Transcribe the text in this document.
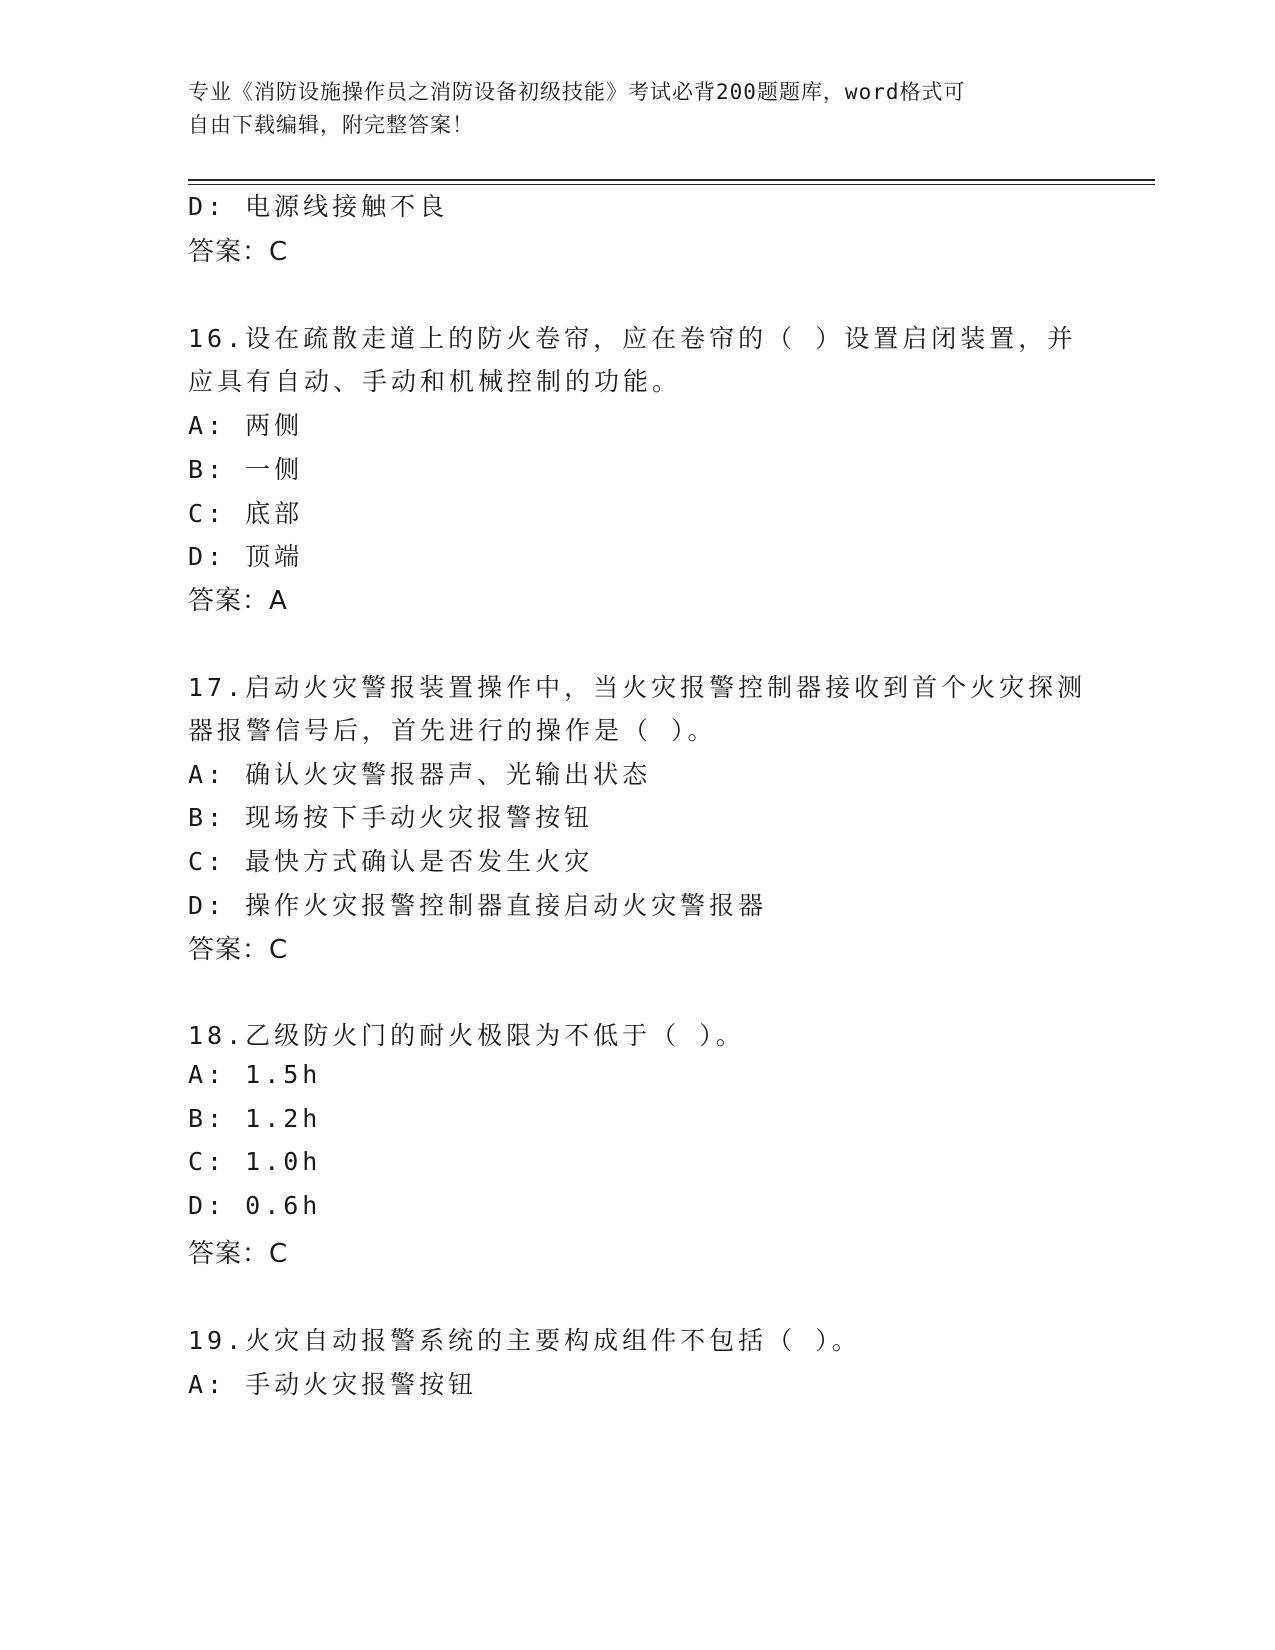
专业《消防设施操作员之消防设备初级技能》考试必背200题题库，word格式可
自由下载编辑，附完整答案！
D: 电源线接触不良
答案：C
16.设在疏散走道上的防火卷帘，应在卷帘的（ ）设置启闭装置，并
应具有自动、手动和机械控制的功能。
A: 两侧
B: 一侧
C: 底部
D: 顶端
答案：A
17.启动火灾警报装置操作中，当火灾报警控制器接收到首个火灾探测
器报警信号后，首先进行的操作是（ ）。
A: 确认火灾警报器声、光输出状态
B: 现场按下手动火灾报警按钮
C: 最快方式确认是否发生火灾
D: 操作火灾报警控制器直接启动火灾警报器
答案：C
18.乙级防火门的耐火极限为不低于（ ）。
A: 1.5h
B: 1.2h
C: 1.0h
D: 0.6h
答案：C
19.火灾自动报警系统的主要构成组件不包括（ ）。
A: 手动火灾报警按钮
